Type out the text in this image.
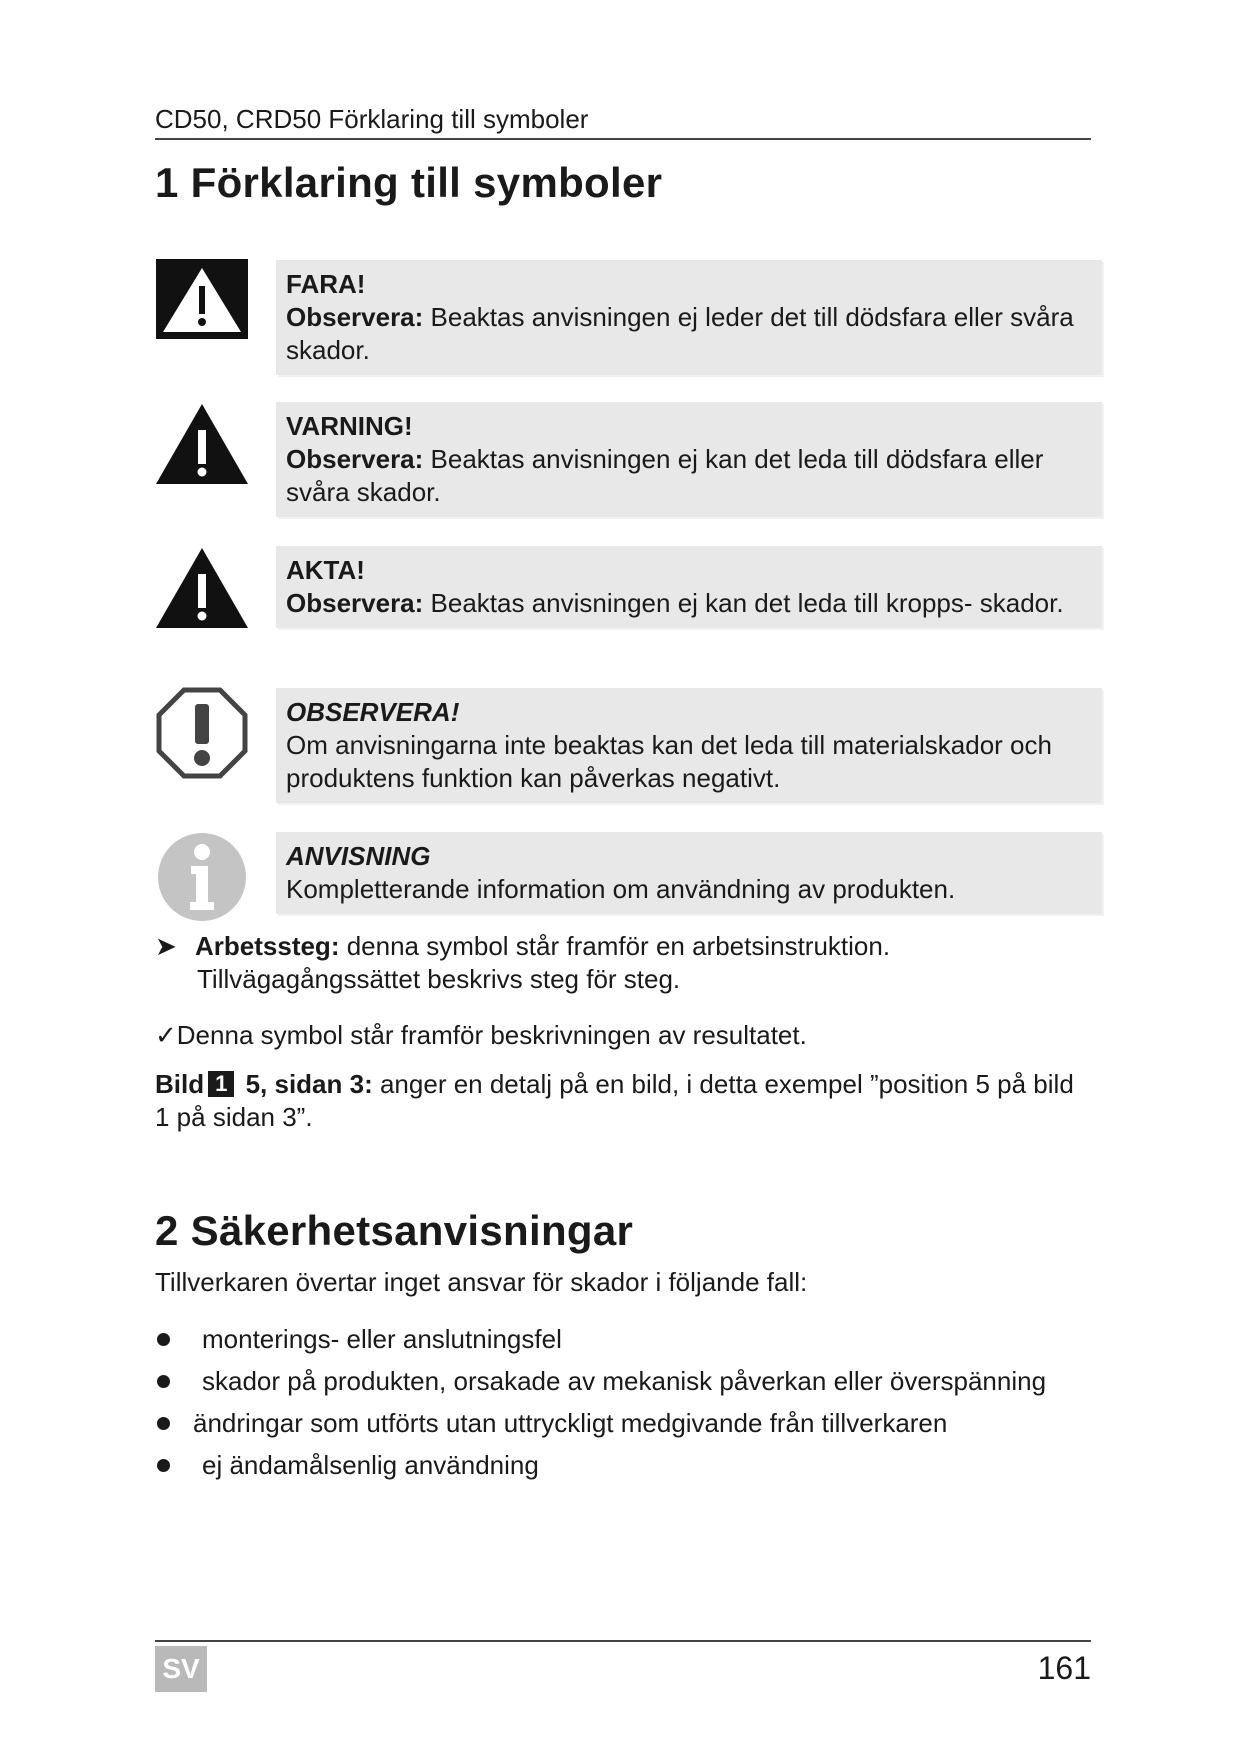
CD50, CRD50 Förklaring till symboler
1 Förklaring till symboler
FARA!
Observera: Beaktas anvisningen ej leder det till dödsfara eller svåra skador.
VARNING!
Observera: Beaktas anvisningen ej kan det leda till dödsfara eller svåra skador.
AKTA!
Observera: Beaktas anvisningen ej kan det leda till kropps- skador.
OBSERVERA!
Om anvisningarna inte beaktas kan det leda till materialskador och produktens funktion kan påverkas negativt.
ANVISNING
Kompletterande information om användning av produkten.
➤ Arbetssteg: denna symbol står framför en arbetsinstruktion.
Tillvägagångssättet beskrivs steg för steg.
✓Denna symbol står framför beskrivningen av resultatet.
Bild 1 5, sidan 3: anger en detalj på en bild, i detta exempel ”position 5 på bild 1 på sidan 3”.
2 Säkerhetsanvisningar
Tillverkaren övertar inget ansvar för skador i följande fall:
monterings- eller anslutningsfel
skador på produkten, orsakade av mekanisk påverkan eller överspänning
ändringar som utförts utan uttryckligt medgivande från tillverkaren
ej ändamålsenlig användning
SV	161
